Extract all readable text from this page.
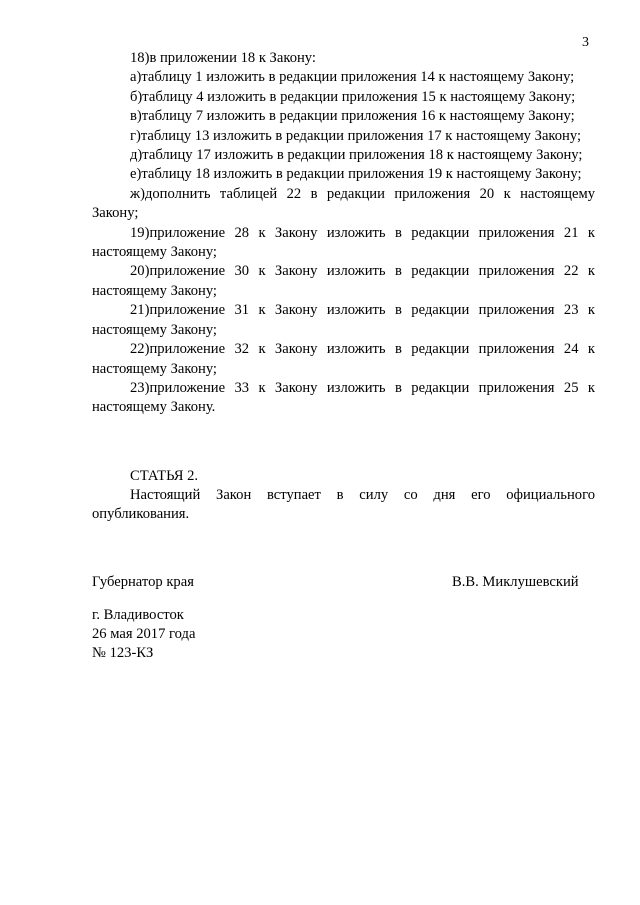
3

18)в приложении 18 к Закону:

а)таблицу 1 изложить в редакции приложения 14 к настоящему Закону;

б)таблицу 4 изложить в редакции приложения 15 к настоящему Закону;

в)таблицу 7 изложить в редакции приложения 16 к настоящему Закону;

г)таблицу 13 изложить в редакции приложения 17 к настоящему Закону;

д)таблицу 17 изложить в редакции приложения 18 к настоящему Закону;

е)таблицу 18 изложить в редакции приложения 19 к настоящему Закону;

ж)дополнить таблицей 22 в редакции приложения 20 к настоящему Закону;

19)приложение 28 к Закону изложить в редакции приложения 21 к настоящему Закону;

20)приложение 30 к Закону изложить в редакции приложения 22 к настоящему Закону;

21)приложение 31 к Закону изложить в редакции приложения 23 к настоящему Закону;

22)приложение 32 к Закону изложить в редакции приложения 24 к настоящему Закону;

23)приложение 33 к Закону изложить в редакции приложения 25 к настоящему Закону.

СТАТЬЯ 2.

Настоящий Закон вступает в силу со дня его официального опубликования.

Губернатор края	В.В. Миклушевский
г. Владивосток
26 мая 2017 года
№ 123-КЗ
